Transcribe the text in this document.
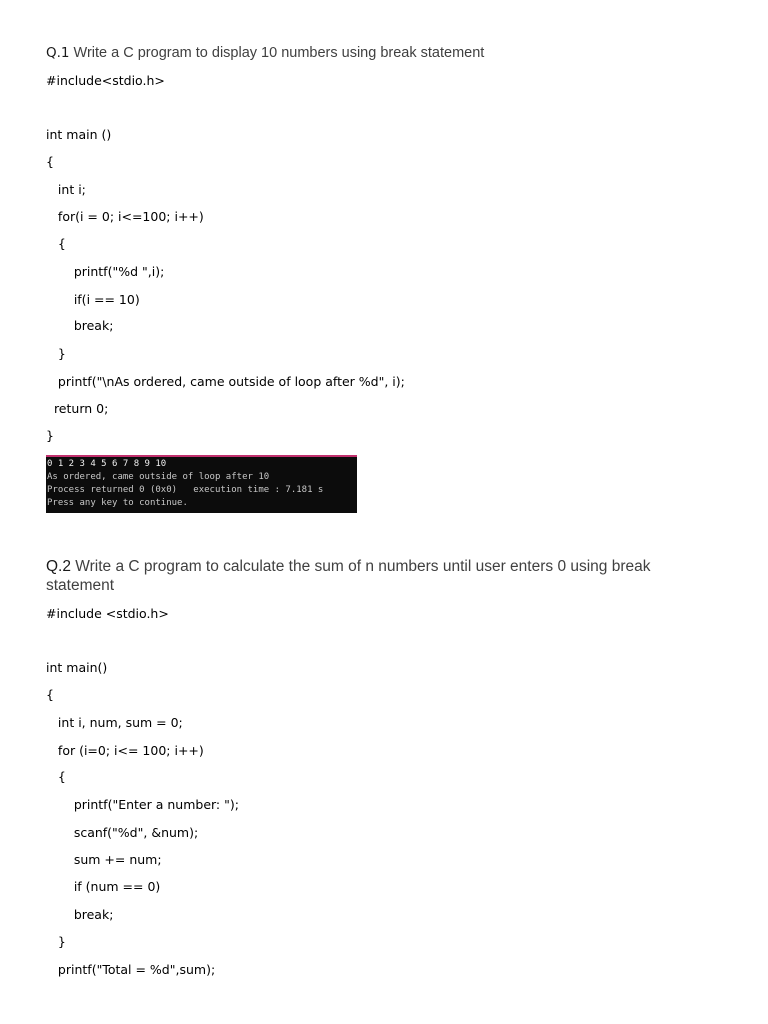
Q.1 Write a C program to display 10 numbers using break statement
#include<stdio.h>
int main ()
{
int i;
for(i = 0; i<=100; i++)
{
printf("%d ",i);
if(i == 10)
break;
}
printf("\nAs ordered, came outside of loop after %d", i);
return 0;
}
0 1 2 3 4 5 6 7 8 9 10
As ordered, came outside of loop after 10
Process returned 0 (0x0)   execution time : 7.181 s
Press any key to continue.
Q.2 Write a C program to calculate the sum of n numbers until user enters 0 using break statement
#include <stdio.h>
int main()
{
int i, num, sum = 0;
for (i=0; i<= 100; i++)
{
printf("Enter a number: ");
scanf("%d", &num);
sum += num;
if (num == 0)
break;
}
printf("Total = %d",sum);
